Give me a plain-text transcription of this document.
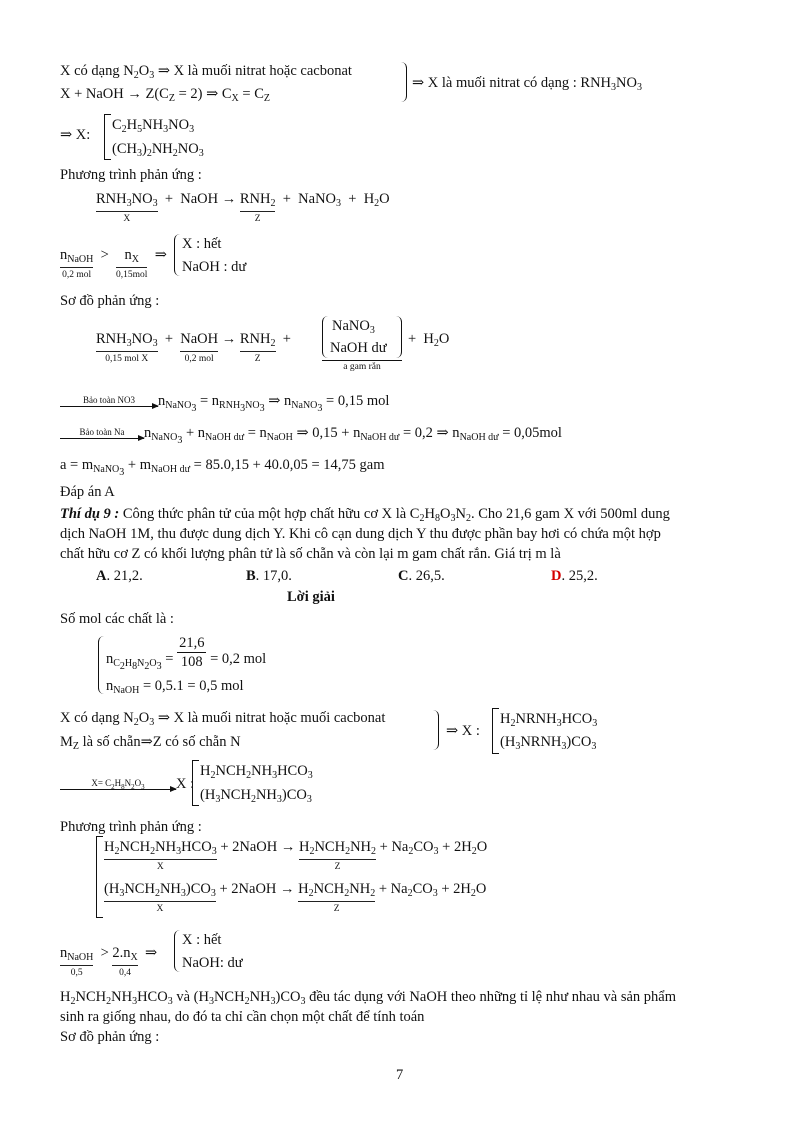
X có dạng $N_2O_3$ ⇒ X là muối nitrat hoặc cacbonat
X + NaOH → $Z(C_Z = 2)$ ⇒ $C_X = C_Z$
⇒ X là muối nitrat có dạng : $RNH_3NO_3$
⇒ X:
$C_2H_5NH_3NO_3$
$(CH_3)_2NH_2NO_3$
Phương trình phản ứng :
$RNH_3NO_3$
X
+  NaOH → $RNH_2$
Z
+  NaNO$_3$  +  $H_2O$
$n_{NaOH}$
0,2 mol
> $n_X$
0,15mol
⇒
X : hết
NaOH : dư
Sơ đồ phản ứng :
$RNH_3NO_3$
0,15 mol X
+ NaOH
0,2 mol
→ $RNH_2$
Z
+
NaNO$_3$
NaOH dư
a gam rắn
+  $H_2O$
Bảo toàn NO3	$n_{NaNO_3} = n_{RNH_3NO_3}$ ⇒ $n_{NaNO_3} = 0,15$ mol
Bảo toàn Na	$n_{NaNO_3} + n_{NaOH dư} = n_{NaOH}$ ⇒ $0,15 + n_{NaOH dư} = 0,2$ ⇒ $n_{NaOH dư} = 0,05mol$
$a = m_{NaNO_3} + m_{NaOH dư} = 85.0,15 + 40.0,05 = 14,75$ gam
Đáp án A
Thí dụ 9 : Công thức phân tử của một hợp chất hữu cơ X là $C_2H_8O_3N_2$. Cho 21,6 gam X với 500ml dung
dịch NaOH 1M, thu được dung dịch Y. Khi cô cạn dung dịch Y thu được phần bay hơi có chứa một hợp
chất hữu cơ Z có khối lượng phân tử là số chẵn và còn lại m gam chất rắn. Giá trị m là
A. 21,2.	B. 17,0.	C. 26,5.	D. 25,2.
Lời giải
Số mol các chất là :
$n_{C_2H_8N_2O_3} = \frac{21,6}{108} = 0,2$ mol
$n_{NaOH} = 0,5.1 = 0,5$ mol
X có dạng $N_2O_3$ ⇒ X là muối nitrat hoặc muối cacbonat
$M_Z$ là số chẵn⇒Z có số chẵn N
⇒ X :
$H_2NRNH_3HCO_3$
$(H_3NRNH_3)CO_3$
$X= C_2H_8N_2O_3$	X :
$H_2NCH_2NH_3HCO_3$
$(H_3NCH_2NH_3)CO_3$
Phương trình phản ứng :
$H_2NCH_2NH_3HCO_3$
X
+ 2NaOH → $H_2NCH_2NH_2$
Z
+ $Na_2CO_3 + 2H_2O$
$(H_3NCH_2NH_3)CO_3$
X
+ 2NaOH → $H_2NCH_2NH_2$
Z
+ $Na_2CO_3 + 2H_2O$
$n_{NaOH}$
0,5
> $2.n_X$
0,4
⇒
X : hết
NaOH: dư
$H_2NCH_2NH_3HCO_3$ và $(H_3NCH_2NH_3)CO_3$ đều tác dụng với NaOH theo những tỉ lệ như nhau và sản phẩm
sinh ra giống nhau, do đó ta chỉ cần chọn một chất để tính toán
Sơ đồ phản ứng :
7
